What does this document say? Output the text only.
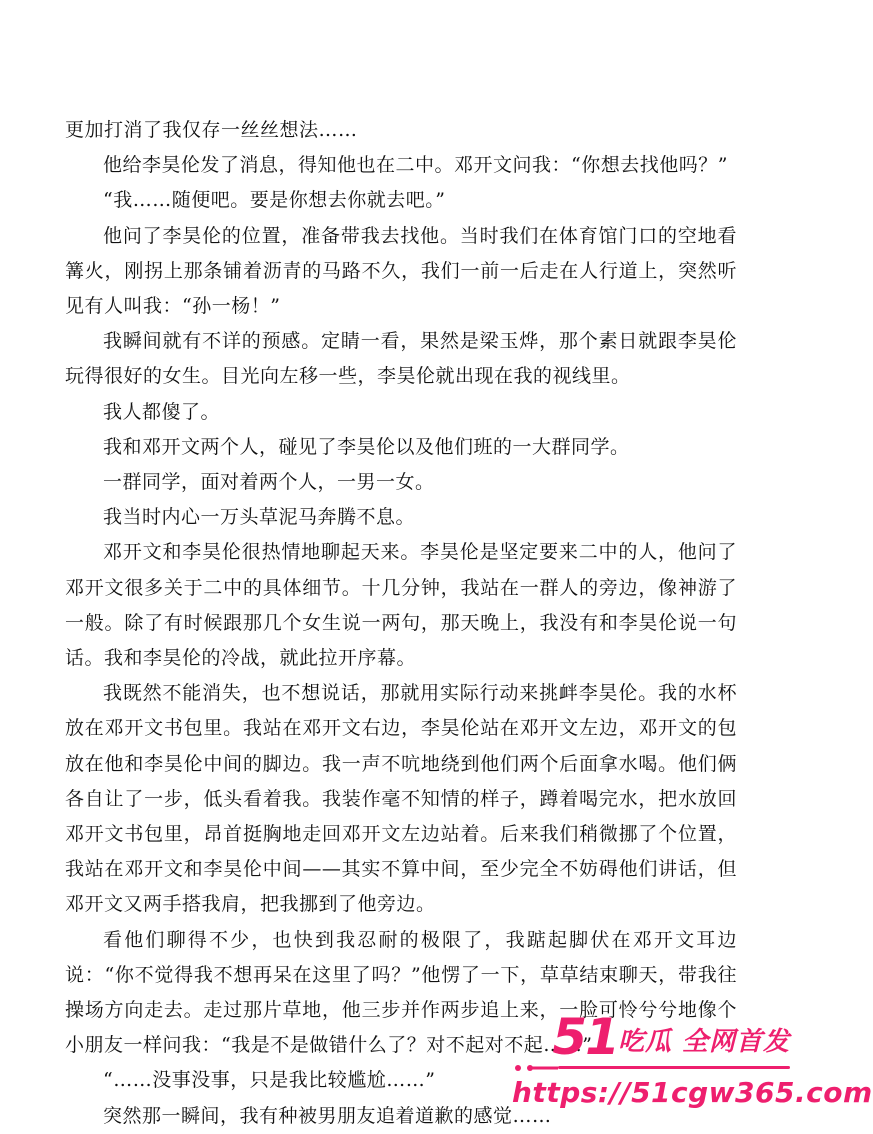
更加打消了我仅存一丝丝想法……

他给李昊伦发了消息，得知他也在二中。邓开文问我：“你想去找他吗？”

“我……随便吧。要是你想去你就去吧。”

他问了李昊伦的位置，准备带我去找他。当时我们在体育馆门口的空地看篝火，刚拐上那条铺着沥青的马路不久，我们一前一后走在人行道上，突然听见有人叫我：“孙一杨！”

我瞬间就有不详的预感。定睛一看，果然是梁玉烨，那个素日就跟李昊伦玩得很好的女生。目光向左移一些，李昊伦就出现在我的视线里。

我人都傻了。

我和邓开文两个人，碰见了李昊伦以及他们班的一大群同学。

一群同学，面对着两个人，一男一女。

我当时内心一万头草泥马奔腾不息。

邓开文和李昊伦很热情地聊起天来。李昊伦是坚定要来二中的人，他问了邓开文很多关于二中的具体细节。十几分钟，我站在一群人的旁边，像神游了一般。除了有时候跟那几个女生说一两句，那天晚上，我没有和李昊伦说一句话。我和李昊伦的冷战，就此拉开序幕。

我既然不能消失，也不想说话，那就用实际行动来挑衅李昊伦。我的水杯放在邓开文书包里。我站在邓开文右边，李昊伦站在邓开文左边，邓开文的包放在他和李昊伦中间的脚边。我一声不吭地绕到他们两个后面拿水喝。他们俩各自让了一步，低头看着我。我装作毫不知情的样子，蹲着喝完水，把水放回邓开文书包里，昂首挺胸地走回邓开文左边站着。后来我们稍微挪了个位置，我站在邓开文和李昊伦中间——其实不算中间，至少完全不妨碍他们讲话，但邓开文又两手搭我肩，把我挪到了他旁边。

看他们聊得不少，也快到我忍耐的极限了，我踮起脚伏在邓开文耳边说：“你不觉得我不想再呆在这里了吗？”他愣了一下，草草结束聊天，带我往操场方向走去。走过那片草地，他三步并作两步追上来，一脸可怜兮兮地像个小朋友一样问我：“我是不是做错什么了？对不起对不起……”

“……没事没事，只是我比较尴尬……”

突然那一瞬间，我有种被男朋友追着道歉的感觉……

51吃瓜 全网首发
https://51cgw365.com
